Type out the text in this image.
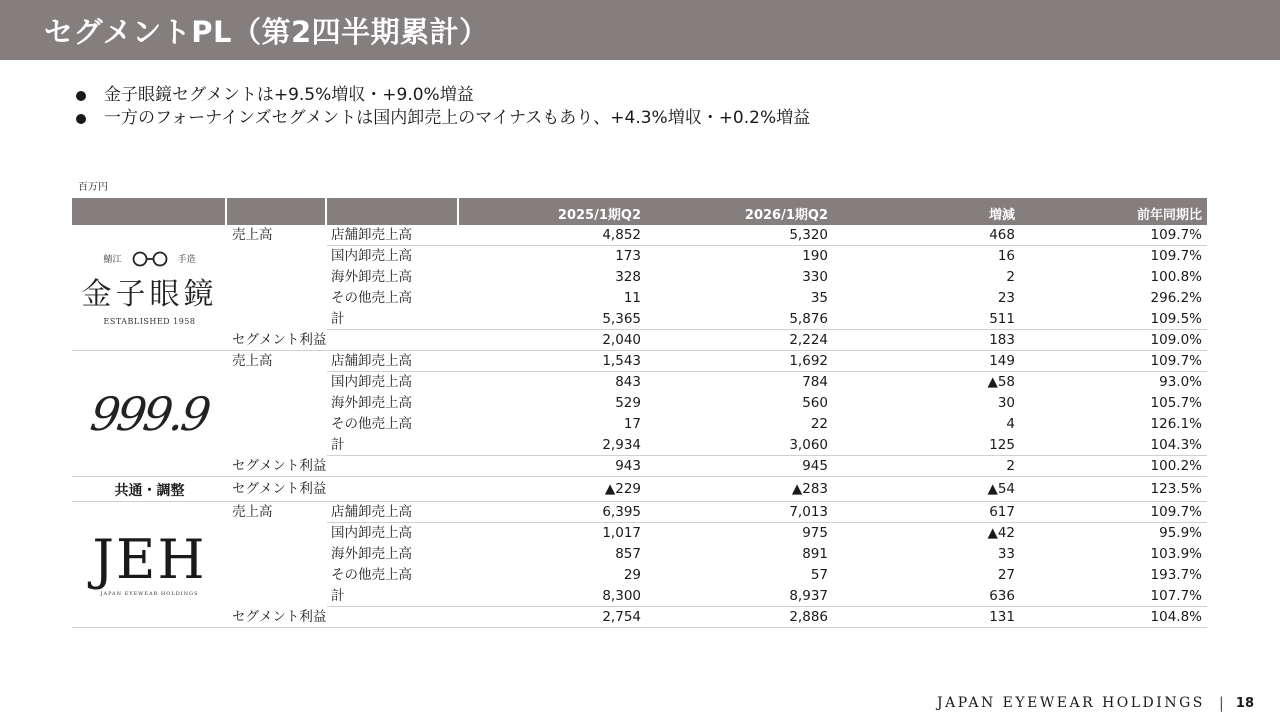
セグメントPL（第2四半期累計）
金子眼鏡セグメントは+9.5%増収・+9.0%増益
一方のフォーナインズセグメントは国内卸売上のマイナスもあり、+4.3%増収・+0.2%増益
百万円
2025/1期Q2	2026/1期Q2	増減	前年同期比
鯖江	手造
金子眼鏡
ESTABLISHED 1958
売上高	店舗卸売上高	4,852	5,320	468	109.7%
国内卸売上高	173	190	16	109.7%
海外卸売上高	328	330	2	100.8%
その他売上高	11	35	23	296.2%
計	5,365	5,876	511	109.5%
セグメント利益	2,040	2,224	183	109.0%
999.9
売上高	店舗卸売上高	1,543	1,692	149	109.7%
国内卸売上高	843	784	▲58	93.0%
海外卸売上高	529	560	30	105.7%
その他売上高	17	22	4	126.1%
計	2,934	3,060	125	104.3%
セグメント利益	943	945	2	100.2%
共通・調整	セグメント利益	▲229	▲283	▲54	123.5%
JEH
JAPAN EYEWEAR HOLDINGS
売上高	店舗卸売上高	6,395	7,013	617	109.7%
国内卸売上高	1,017	975	▲42	95.9%
海外卸売上高	857	891	33	103.9%
その他売上高	29	57	27	193.7%
計	8,300	8,937	636	107.7%
セグメント利益	2,754	2,886	131	104.8%
JAPAN EYEWEAR HOLDINGS | 18
